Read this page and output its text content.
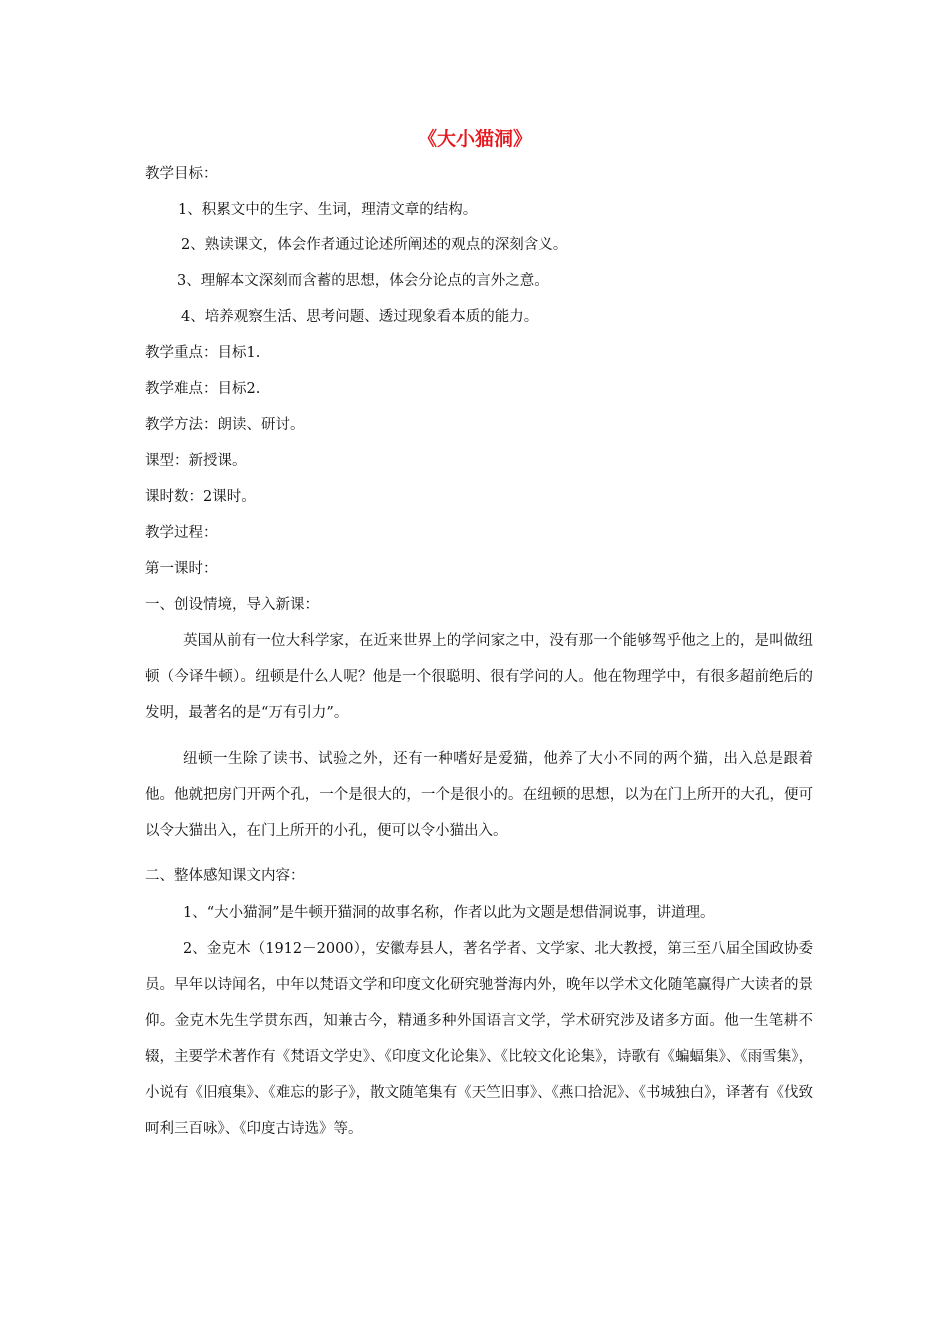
《大小猫洞》
教学目标：
1、积累文中的生字、生词，理清文章的结构。
2、熟读课文，体会作者通过论述所阐述的观点的深刻含义。
3、理解本文深刻而含蓄的思想，体会分论点的言外之意。
4、培养观察生活、思考问题、透过现象看本质的能力。
教学重点：目标1.
教学难点：目标2.
教学方法：朗读、研讨。
课型：新授课。
课时数：2课时。
教学过程：
第一课时：
一、创设情境，导入新课：
英国从前有一位大科学家，在近来世界上的学问家之中，没有那一个能够驾乎他之上的，是叫做纽顿（今译牛顿）。纽顿是什么人呢？他是一个很聪明、很有学问的人。他在物理学中，有很多超前绝后的发明，最著名的是“万有引力”。
纽顿一生除了读书、试验之外，还有一种嗜好是爱猫，他养了大小不同的两个猫，出入总是跟着他。他就把房门开两个孔，一个是很大的，一个是很小的。在纽顿的思想，以为在门上所开的大孔，便可以令大猫出入，在门上所开的小孔，便可以令小猫出入。
二、整体感知课文内容：
1、“大小猫洞”是牛顿开猫洞的故事名称，作者以此为文题是想借洞说事，讲道理。
2、金克木（1912－2000），安徽寿县人，著名学者、文学家、北大教授，第三至八届全国政协委员。早年以诗闻名，中年以梵语文学和印度文化研究驰誉海内外，晚年以学术文化随笔赢得广大读者的景仰。金克木先生学贯东西，知兼古今，精通多种外国语言文学，学术研究涉及诸多方面。他一生笔耕不辍，主要学术著作有《梵语文学史》、《印度文化论集》、《比较文化论集》，诗歌有《蝙蝠集》、《雨雪集》，小说有《旧痕集》、《难忘的影子》，散文随笔集有《天竺旧事》、《燕口拾泥》、《书城独白》，译著有《伐致呵利三百咏》、《印度古诗选》等。
